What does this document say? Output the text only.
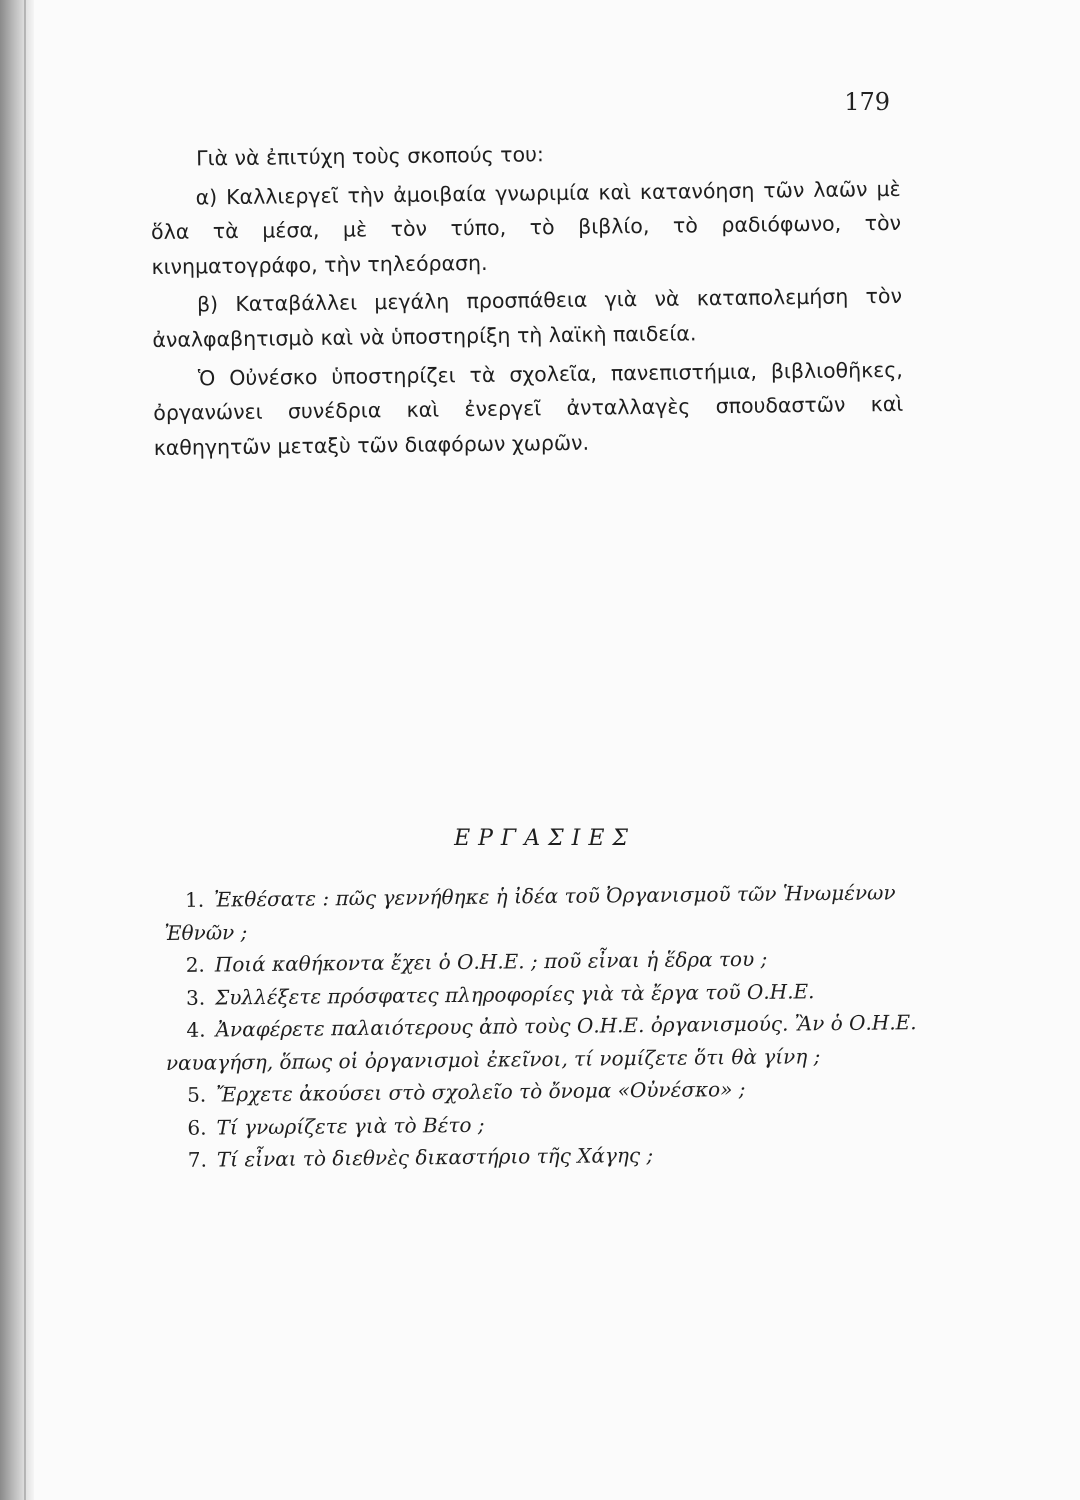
179

Γιὰ νὰ ἐπιτύχη τοὺς σκοπούς του:

α) Καλλιεργεῖ τὴν ἀμοιβαία γνωριμία καὶ κατανόηση τῶν λαῶν μὲ ὅλα τὰ μέσα, μὲ τὸν τύπο, τὸ βιβλίο, τὸ ραδιόφωνο, τὸν κινηματογράφο, τὴν τηλεόραση.

β) Καταβάλλει μεγάλη προσπάθεια γιὰ νὰ καταπολεμήση τὸν ἀναλφαβητισμὸ καὶ νὰ ὑποστηρίξη τὴ λαϊκὴ παιδεία.

Ὁ Οὐνέσκο ὑποστηρίζει τὰ σχολεῖα, πανεπιστήμια, βιβλιοθῆκες, ὀργανώνει συνέδρια καὶ ἐνεργεῖ ἀνταλλαγὲς σπουδαστῶν καὶ καθηγητῶν μεταξὺ τῶν διαφόρων χωρῶν.

ΕΡΓΑΣΙΕΣ
1. Ἐκθέσατε : πῶς γεννήθηκε ἡ ἰδέα τοῦ Ὀργανισμοῦ τῶν Ἡνωμένων
Ἐθνῶν ;
2. Ποιά καθήκοντα ἔχει ὁ Ο.Η.Ε. ; ποῦ εἶναι ἡ ἕδρα του ;
3. Συλλέξετε πρόσφατες πληροφορίες γιὰ τὰ ἔργα τοῦ Ο.Η.Ε.
4. Ἀναφέρετε παλαιότερους ἀπὸ τοὺς Ο.Η.Ε. ὀργανισμούς. Ἂν ὁ Ο.Η.Ε.
ναυαγήση, ὅπως οἱ ὀργανισμοὶ ἐκεῖνοι, τί νομίζετε ὅτι θὰ γίνη ;
5. Ἔρχετε ἀκούσει στὸ σχολεῖο τὸ ὄνομα «Οὐνέσκο» ;
6. Τί γνωρίζετε γιὰ τὸ Βέτο ;
7. Τί εἶναι τὸ διεθνὲς δικαστήριο τῆς Χάγης ;
